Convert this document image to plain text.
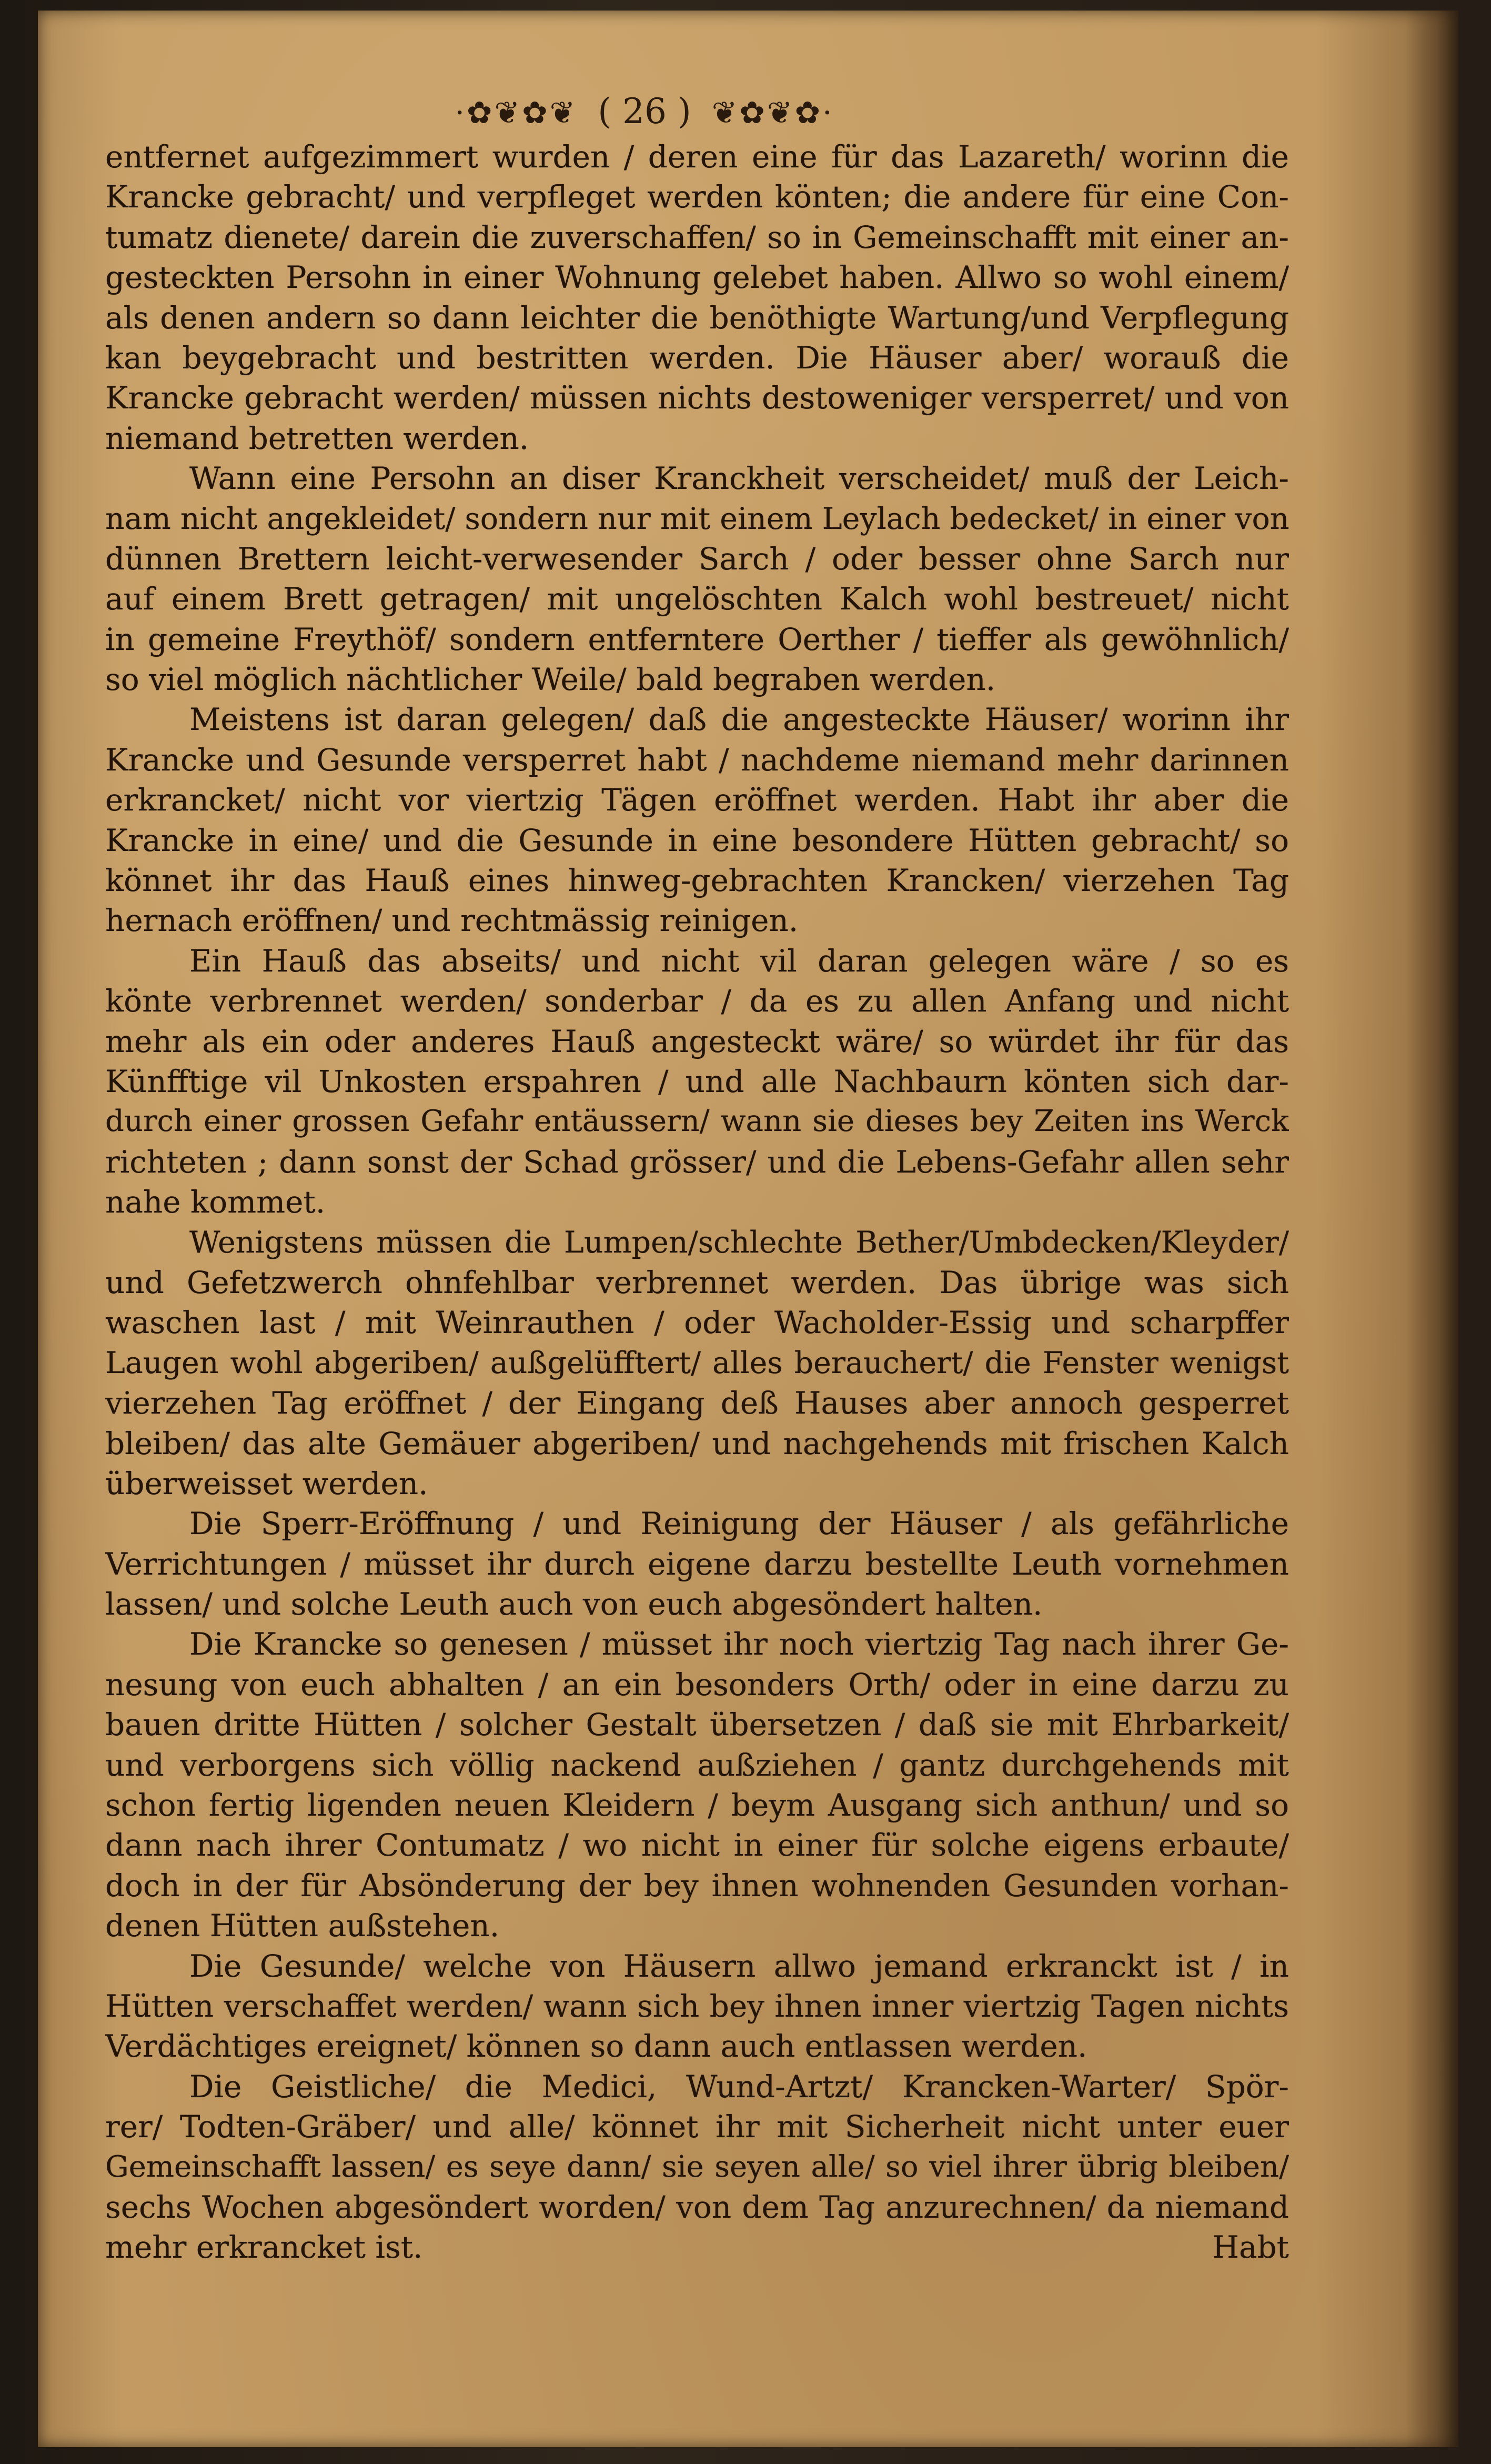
·✿❦✿❦ ( 26 ) ❦✿❦✿·
entfernet aufgezimmert wurden / deren eine für das Lazareth/ worinn die
Krancke gebracht/ und verpfleget werden könten; die andere für eine Con-
tumatz dienete/ darein die zuverschaffen/ so in Gemeinschafft mit einer an-
gesteckten Persohn in einer Wohnung gelebet haben. Allwo so wohl einem/
als denen andern so dann leichter die benöthigte Wartung/und Verpflegung
kan beygebracht und bestritten werden. Die Häuser aber/ worauß die
Krancke gebracht werden/ müssen nichts destoweniger versperret/ und von
niemand betretten werden.
Wann eine Persohn an diser Kranckheit verscheidet/ muß der Leich-
nam nicht angekleidet/ sondern nur mit einem Leylach bedecket/ in einer von
dünnen Brettern leicht-verwesender Sarch / oder besser ohne Sarch nur
auf einem Brett getragen/ mit ungelöschten Kalch wohl bestreuet/ nicht
in gemeine Freythöf/ sondern entferntere Oerther / tieffer als gewöhnlich/
so viel möglich nächtlicher Weile/ bald begraben werden.
Meistens ist daran gelegen/ daß die angesteckte Häuser/ worinn ihr
Krancke und Gesunde versperret habt / nachdeme niemand mehr darinnen
erkrancket/ nicht vor viertzig Tägen eröffnet werden. Habt ihr aber die
Krancke in eine/ und die Gesunde in eine besondere Hütten gebracht/ so
könnet ihr das Hauß eines hinweg-gebrachten Krancken/ vierzehen Tag
hernach eröffnen/ und rechtmässig reinigen.
Ein Hauß das abseits/ und nicht vil daran gelegen wäre / so es
könte verbrennet werden/ sonderbar / da es zu allen Anfang und nicht
mehr als ein oder anderes Hauß angesteckt wäre/ so würdet ihr für das
Künfftige vil Unkosten erspahren / und alle Nachbaurn könten sich dar-
durch einer grossen Gefahr entäussern/ wann sie dieses bey Zeiten ins Werck
richteten ; dann sonst der Schad grösser/ und die Lebens-Gefahr allen sehr
nahe kommet.
Wenigstens müssen die Lumpen/schlechte Bether/Umbdecken/Kleyder/
und Gefetzwerch ohnfehlbar verbrennet werden. Das übrige was sich
waschen last / mit Weinrauthen / oder Wacholder-Essig und scharpffer
Laugen wohl abgeriben/ außgelüfftert/ alles berauchert/ die Fenster wenigst
vierzehen Tag eröffnet / der Eingang deß Hauses aber annoch gesperret
bleiben/ das alte Gemäuer abgeriben/ und nachgehends mit frischen Kalch
überweisset werden.
Die Sperr-Eröffnung / und Reinigung der Häuser / als gefährliche
Verrichtungen / müsset ihr durch eigene darzu bestellte Leuth vornehmen
lassen/ und solche Leuth auch von euch abgesöndert halten.
Die Krancke so genesen / müsset ihr noch viertzig Tag nach ihrer Ge-
nesung von euch abhalten / an ein besonders Orth/ oder in eine darzu zu
bauen dritte Hütten / solcher Gestalt übersetzen / daß sie mit Ehrbarkeit/
und verborgens sich völlig nackend außziehen / gantz durchgehends mit
schon fertig ligenden neuen Kleidern / beym Ausgang sich anthun/ und so
dann nach ihrer Contumatz / wo nicht in einer für solche eigens erbaute/
doch in der für Absönderung der bey ihnen wohnenden Gesunden vorhan-
denen Hütten außstehen.
Die Gesunde/ welche von Häusern allwo jemand erkranckt ist / in
Hütten verschaffet werden/ wann sich bey ihnen inner viertzig Tagen nichts
Verdächtiges ereignet/ können so dann auch entlassen werden.
Die Geistliche/ die Medici, Wund-Artzt/ Krancken-Warter/ Spör-
rer/ Todten-Gräber/ und alle/ könnet ihr mit Sicherheit nicht unter euer
Gemeinschafft lassen/ es seye dann/ sie seyen alle/ so viel ihrer übrig bleiben/
sechs Wochen abgesöndert worden/ von dem Tag anzurechnen/ da niemand
mehr erkrancket ist.	Habt
